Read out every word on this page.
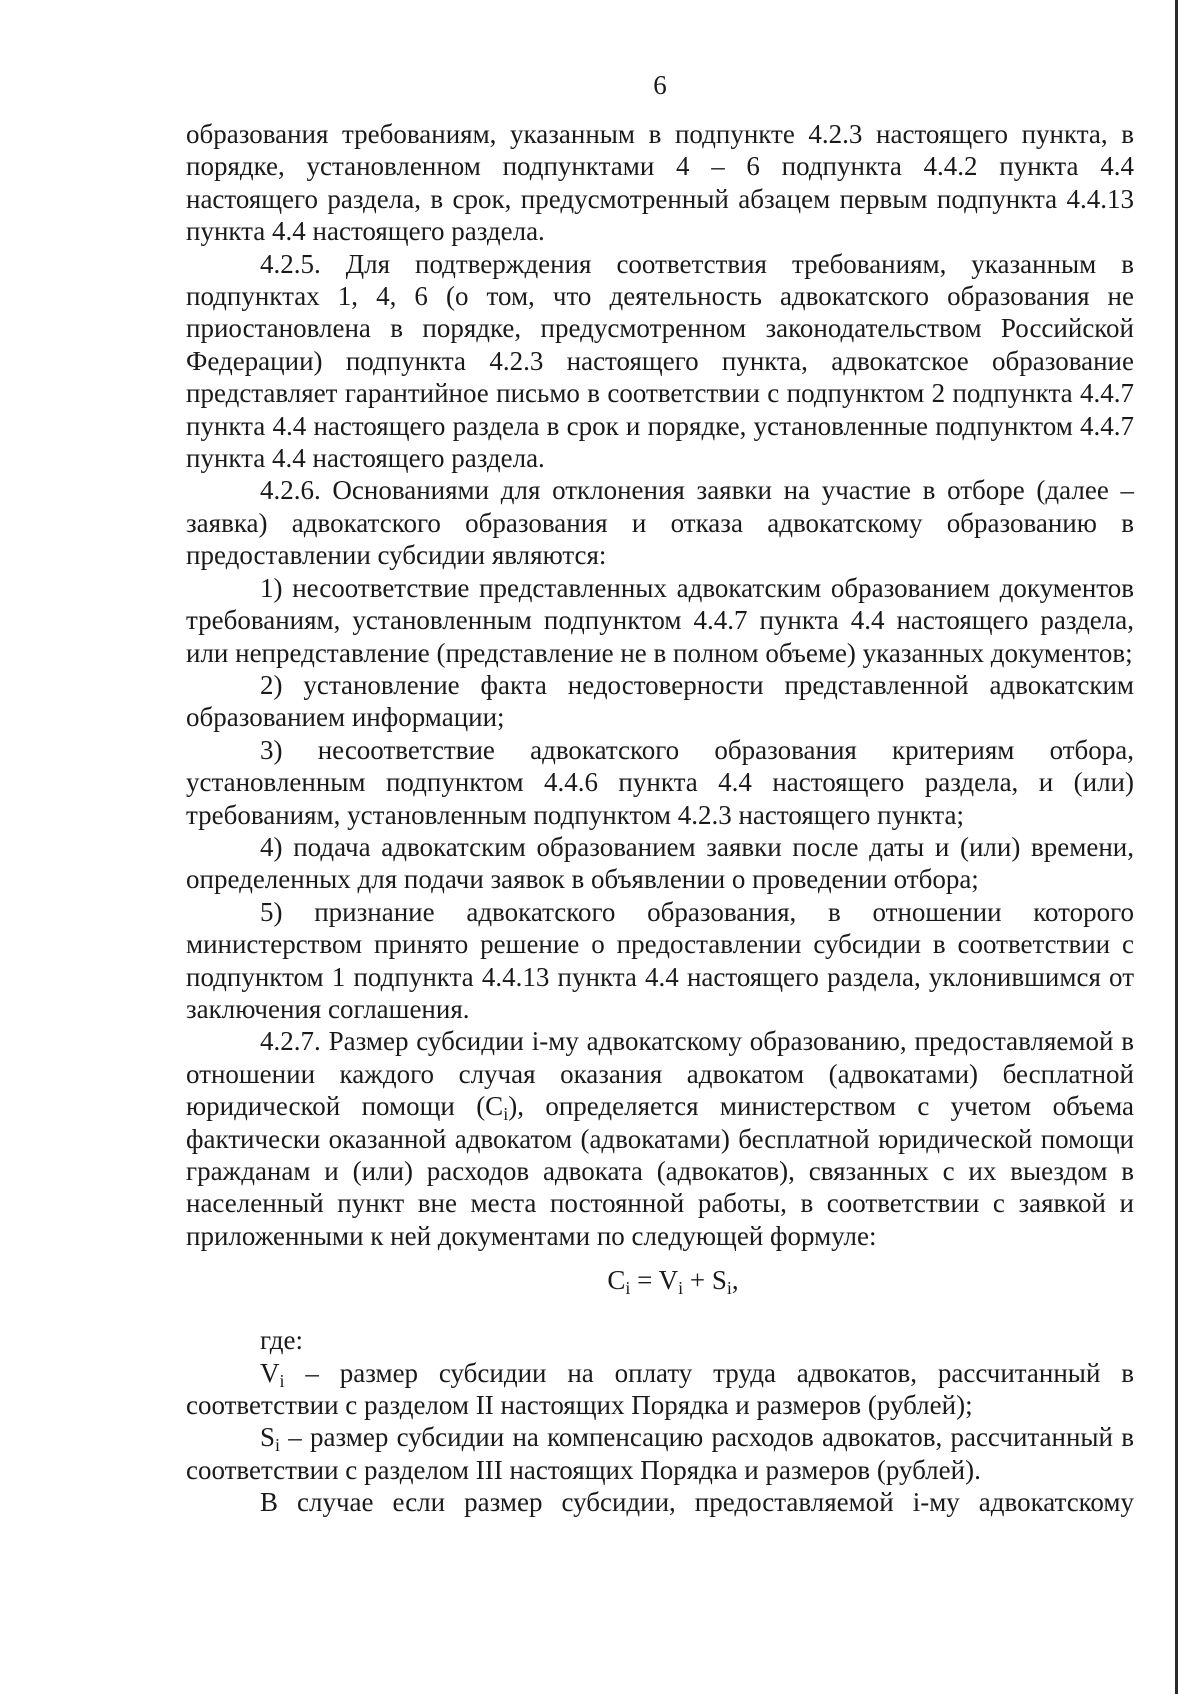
6

образования требованиям, указанным в подпункте 4.2.3 настоящего пункта, в порядке, установленном подпунктами 4 – 6 подпункта 4.4.2 пункта 4.4 настоящего раздела, в срок, предусмотренный абзацем первым подпункта 4.4.13 пункта 4.4 настоящего раздела.

4.2.5. Для подтверждения соответствия требованиям, указанным в подпунктах 1, 4, 6 (о том, что деятельность адвокатского образования не приостановлена в порядке, предусмотренном законодательством Российской Федерации) подпункта 4.2.3 настоящего пункта, адвокатское образование представляет гарантийное письмо в соответствии с подпунктом 2 подпункта 4.4.7 пункта 4.4 настоящего раздела в срок и порядке, установленные подпунктом 4.4.7 пункта 4.4 настоящего раздела.

4.2.6. Основаниями для отклонения заявки на участие в отборе (далее – заявка) адвокатского образования и отказа адвокатскому образованию в предоставлении субсидии являются:

1) несоответствие представленных адвокатским образованием документов требованиям, установленным подпунктом 4.4.7 пункта 4.4 настоящего раздела, или непредставление (представление не в полном объеме) указанных документов;

2) установление факта недостоверности представленной адвокатским образованием информации;

3) несоответствие адвокатского образования критериям отбора, установленным подпунктом 4.4.6 пункта 4.4 настоящего раздела, и (или) требованиям, установленным подпунктом 4.2.3 настоящего пункта;

4) подача адвокатским образованием заявки после даты и (или) времени, определенных для подачи заявок в объявлении о проведении отбора;

5) признание адвокатского образования, в отношении которого министерством принято решение о предоставлении субсидии в соответствии с подпунктом 1 подпункта 4.4.13 пункта 4.4 настоящего раздела, уклонившимся от заключения соглашения.

4.2.7. Размер субсидии i-му адвокатскому образованию, предоставляемой в отношении каждого случая оказания адвокатом (адвокатами) бесплатной юридической помощи $(C_i)$, определяется министерством с учетом объема фактически оказанной адвокатом (адвокатами) бесплатной юридической помощи гражданам и (или) расходов адвоката (адвокатов), связанных с их выездом в населенный пункт вне места постоянной работы, в соответствии с заявкой и приложенными к ней документами по следующей формуле:

$C_i = V_i + S_i$,

где:

$V_i$ – размер субсидии на оплату труда адвокатов, рассчитанный в соответствии с разделом II настоящих Порядка и размеров (рублей);

$S_i$ – размер субсидии на компенсацию расходов адвокатов, рассчитанный в соответствии с разделом III настоящих Порядка и размеров (рублей).

В случае если размер субсидии, предоставляемой i-му адвокатскому
